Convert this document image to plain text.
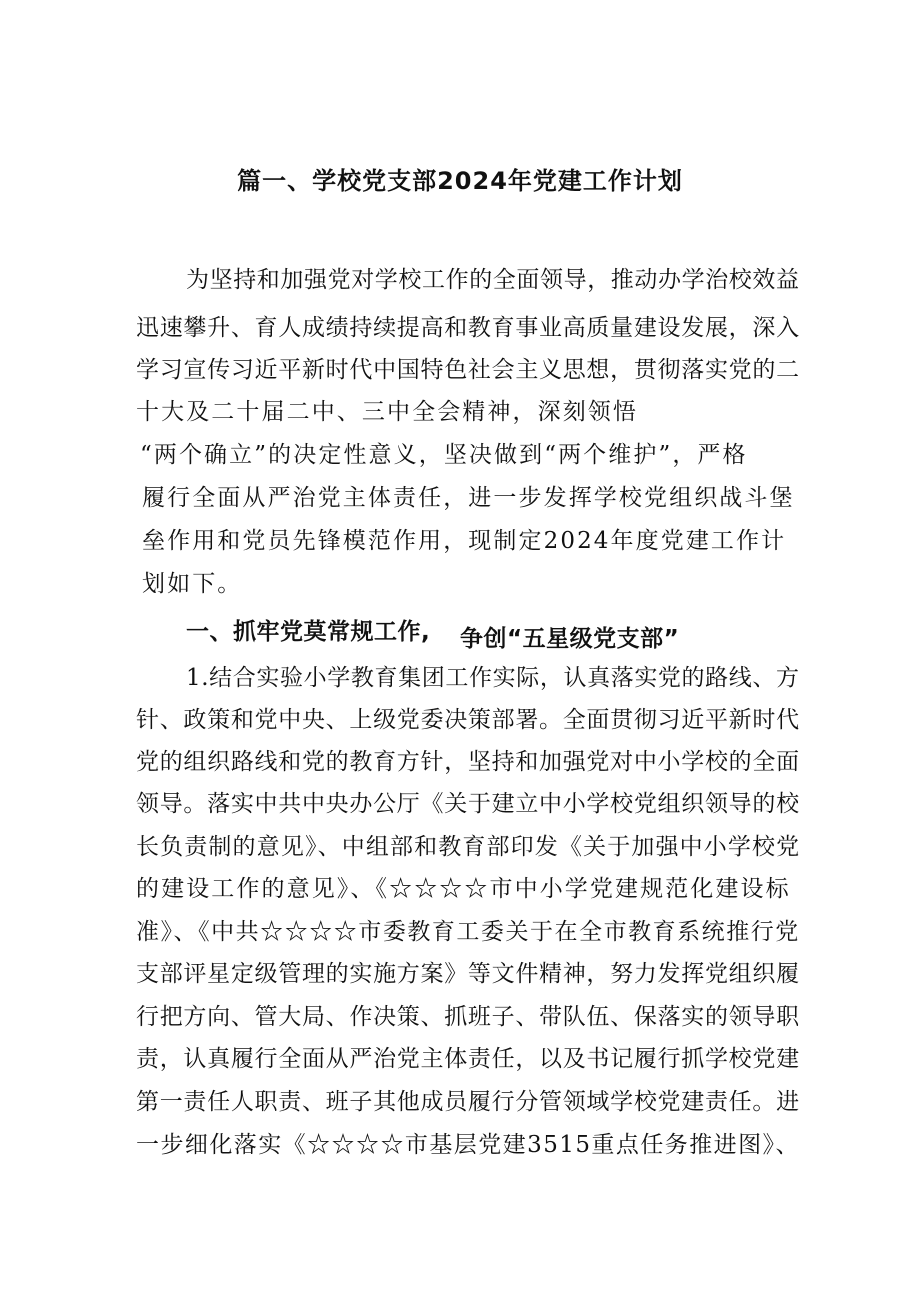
篇一、学校党支部2024年党建工作计划
为坚持和加强党对学校工作的全面领导，推动办学治校效益
迅速攀升、育人成绩持续提高和教育事业高质量建设发展，深入
学习宣传习近平新时代中国特色社会主义思想，贯彻落实党的二
十大及二十届二中、三中全会精神，深刻领悟
“两个确立”的决定性意义，坚决做到“两个维护”，严格
履行全面从严治党主体责任，进一步发挥学校党组织战斗堡
垒作用和党员先锋模范作用，现制定2024年度党建工作计
划如下。
一、抓牢党莫常规工作, 争创“五星级党支部”
1.结合实验小学教育集团工作实际，认真落实党的路线、方
针、政策和党中央、上级党委决策部署。全面贯彻习近平新时代
党的组织路线和党的教育方针，坚持和加强党对中小学校的全面
领导。落实中共中央办公厅《关于建立中小学校党组织领导的校
长负责制的意见》、中组部和教育部印发《关于加强中小学校党
的建设工作的意见》、《☆☆☆☆市中小学党建规范化建设标
准》、《中共☆☆☆☆市委教育工委关于在全市教育系统推行党
支部评星定级管理的实施方案》等文件精神，努力发挥党组织履
行把方向、管大局、作决策、抓班子、带队伍、保落实的领导职
责，认真履行全面从严治党主体责任，以及书记履行抓学校党建
第一责任人职责、班子其他成员履行分管领域学校党建责任。进
一步细化落实《☆☆☆☆市基层党建3515重点任务推进图》、
